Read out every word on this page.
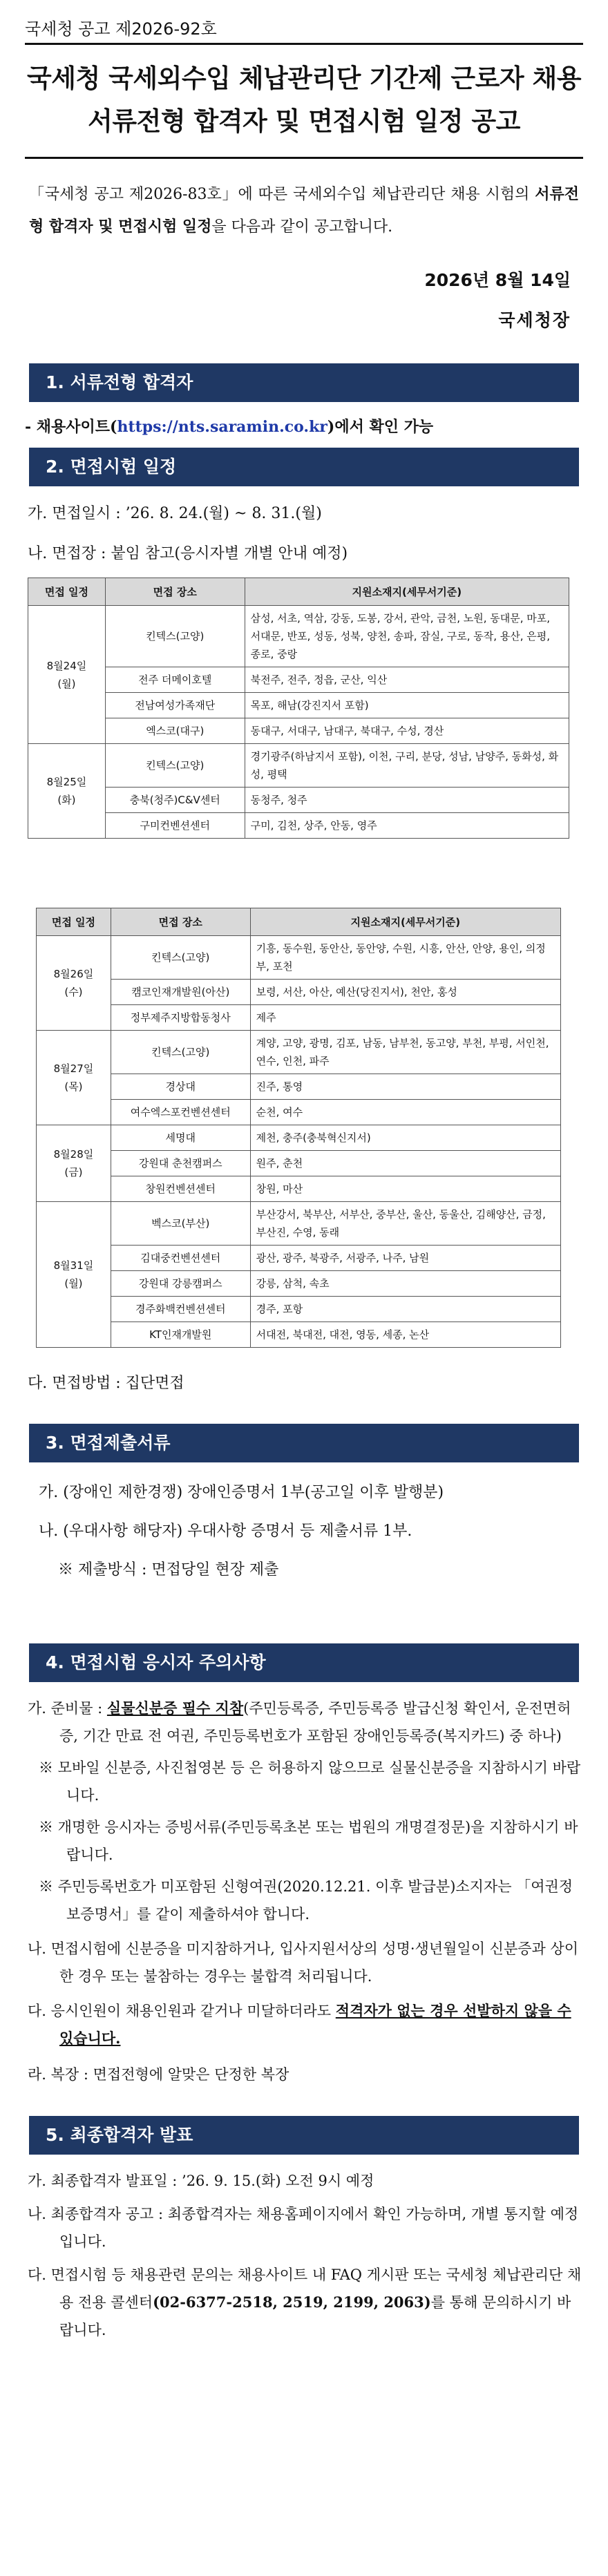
국세청 공고 제2026-92호
국세청 국세외수입 체납관리단 기간제 근로자 채용
서류전형 합격자 및 면접시험 일정 공고

「국세청 공고 제2026-83호」에 따른 국세외수입 체납관리단 채용 시험의 서류전형 합격자 및 면접시험 일정을 다음과 같이 공고합니다.

2026년 8월 14일
국세청장
1. 서류전형 합격자
- 채용사이트(https://nts.saramin.co.kr)에서 확인 가능
2. 면접시험 일정
가. 면접일시 : ’26. 8. 24.(월) ~ 8. 31.(월)
나. 면접장 : 붙임 참고(응시자별 개별 안내 예정)
면접 일정	면접 장소	지원소재지(세무서기준)
8월24일
(월)	킨텍스(고양)	삼성, 서초, 역삼, 강동, 도봉, 강서, 관악, 금천, 노원, 동대문, 마포, 서대문, 반포, 성동, 성북, 양천, 송파, 잠실, 구로, 동작, 용산, 은평, 종로, 중랑
	전주 더메이호텔	북전주, 전주, 정읍, 군산, 익산
	전남여성가족재단	목포, 해남(강진지서 포함)
	엑스코(대구)	동대구, 서대구, 남대구, 북대구, 수성, 경산
8월25일
(화)	킨텍스(고양)	경기광주(하남지서 포함), 이천, 구리, 분당, 성남, 남양주, 동화성, 화성, 평택
	충북(청주)C&V센터	동청주, 청주
	구미컨벤션센터	구미, 김천, 상주, 안동, 영주
면접 일정	면접 장소	지원소재지(세무서기준)
8월26일
(수)	킨텍스(고양)	기흥, 동수원, 동안산, 동안양, 수원, 시흥, 안산, 안양, 용인, 의정부, 포천
	캠코인재개발원(아산)	보령, 서산, 아산, 예산(당진지서), 천안, 홍성
	정부제주지방합동청사	제주
8월27일
(목)	킨텍스(고양)	계양, 고양, 광명, 김포, 남동, 남부천, 동고양, 부천, 부평, 서인천, 연수, 인천, 파주
	경상대	진주, 통영
	여수엑스포컨벤션센터	순천, 여수
8월28일
(금)	세명대	제천, 충주(충북혁신지서)
	강원대 춘천캠퍼스	원주, 춘천
	창원컨벤션센터	창원, 마산
8월31일
(월)	벡스코(부산)	부산강서, 북부산, 서부산, 중부산, 울산, 동울산, 김해양산, 금정, 부산진, 수영, 동래
	김대중컨벤션센터	광산, 광주, 북광주, 서광주, 나주, 남원
	강원대 강릉캠퍼스	강릉, 삼척, 속초
	경주화백컨벤션센터	경주, 포항
	KT인재개발원	서대전, 북대전, 대전, 영동, 세종, 논산
다. 면접방법 : 집단면접
3. 면접제출서류
가. (장애인 제한경쟁) 장애인증명서 1부(공고일 이후 발행분)
나. (우대사항 해당자) 우대사항 증명서 등 제출서류 1부.
※ 제출방식 : 면접당일 현장 제출
4. 면접시험 응시자 주의사항

가. 준비물 : 실물신분증 필수 지참(주민등록증, 주민등록증 발급신청 확인서, 운전면허증, 기간 만료 전 여권, 주민등록번호가 포함된 장애인등록증(복지카드) 중 하나)

※ 모바일 신분증, 사진첩영본 등 은 허용하지 않으므로 실물신분증을 지참하시기 바랍니다.

※ 개명한 응시자는 증빙서류(주민등록초본 또는 법원의 개명결정문)을 지참하시기 바랍니다.

※ 주민등록번호가 미포함된 신형여권(2020.12.21. 이후 발급분)소지자는 「여권정보증명서」를 같이 제출하셔야 합니다.

나. 면접시험에 신분증을 미지참하거나, 입사지원서상의 성명·생년월일이 신분증과 상이한 경우 또는 불참하는 경우는 불합격 처리됩니다.

다. 응시인원이 채용인원과 같거나 미달하더라도 적격자가 없는 경우 선발하지 않을 수 있습니다.

라. 복장 : 면접전형에 알맞은 단정한 복장

5. 최종합격자 발표

가. 최종합격자 발표일 : ’26. 9. 15.(화) 오전 9시 예정

나. 최종합격자 공고 : 최종합격자는 채용홈페이지에서 확인 가능하며, 개별 통지할 예정입니다.

다. 면접시험 등 채용관련 문의는 채용사이트 내 FAQ 게시판 또는 국세청 체납관리단 채용 전용 콜센터(02-6377-2518, 2519, 2199, 2063)를 통해 문의하시기 바랍니다.
